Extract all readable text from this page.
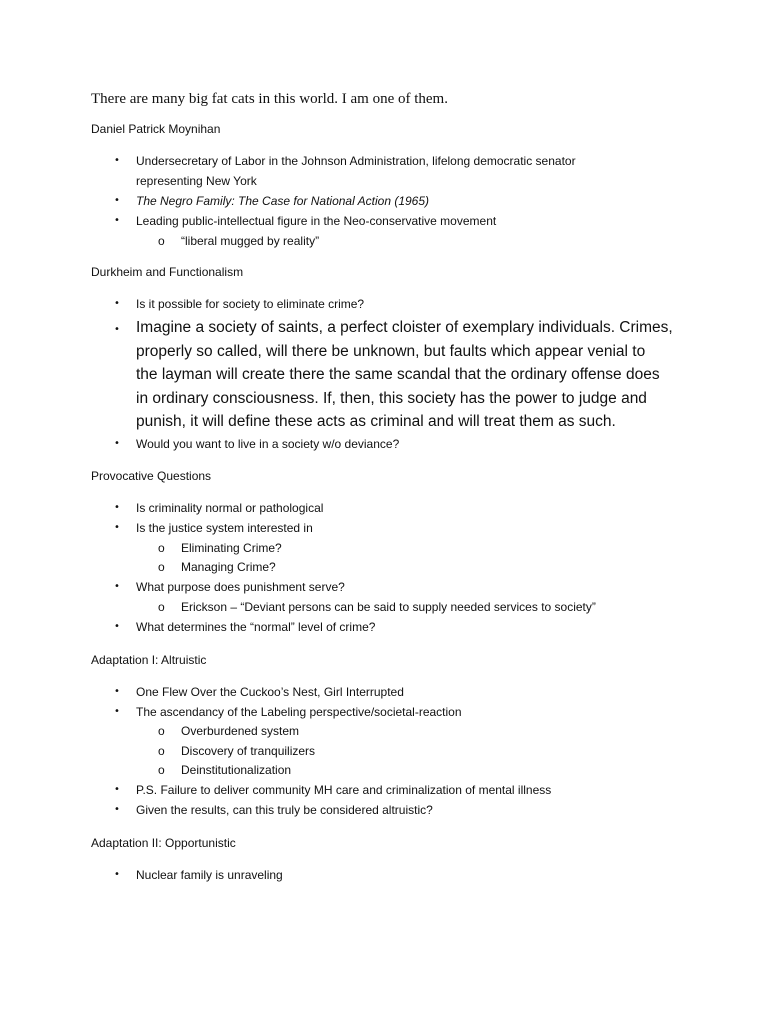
There are many big fat cats in this world. I am one of them.
Daniel Patrick Moynihan
• Undersecretary of Labor in the Johnson Administration, lifelong democratic senator
representing New York
• The Negro Family: The Case for National Action (1965)
• Leading public-intellectual figure in the Neo-conservative movement
o “liberal mugged by reality”
Durkheim and Functionalism
• Is it possible for society to eliminate crime?
• Imagine a society of saints, a perfect cloister of exemplary individuals. Crimes,
properly so called, will there be unknown, but faults which appear venial to
the layman will create there the same scandal that the ordinary offense does
in ordinary consciousness. If, then, this society has the power to judge and
punish, it will define these acts as criminal and will treat them as such.
• Would you want to live in a society w/o deviance?
Provocative Questions
• Is criminality normal or pathological
• Is the justice system interested in
o Eliminating Crime?
o Managing Crime?
• What purpose does punishment serve?
o Erickson – “Deviant persons can be said to supply needed services to society”
• What determines the “normal” level of crime?
Adaptation I: Altruistic
• One Flew Over the Cuckoo’s Nest, Girl Interrupted
• The ascendancy of the Labeling perspective/societal-reaction
o Overburdened system
o Discovery of tranquilizers
o Deinstitutionalization
• P.S. Failure to deliver community MH care and criminalization of mental illness
• Given the results, can this truly be considered altruistic?
Adaptation II: Opportunistic
• Nuclear family is unraveling
